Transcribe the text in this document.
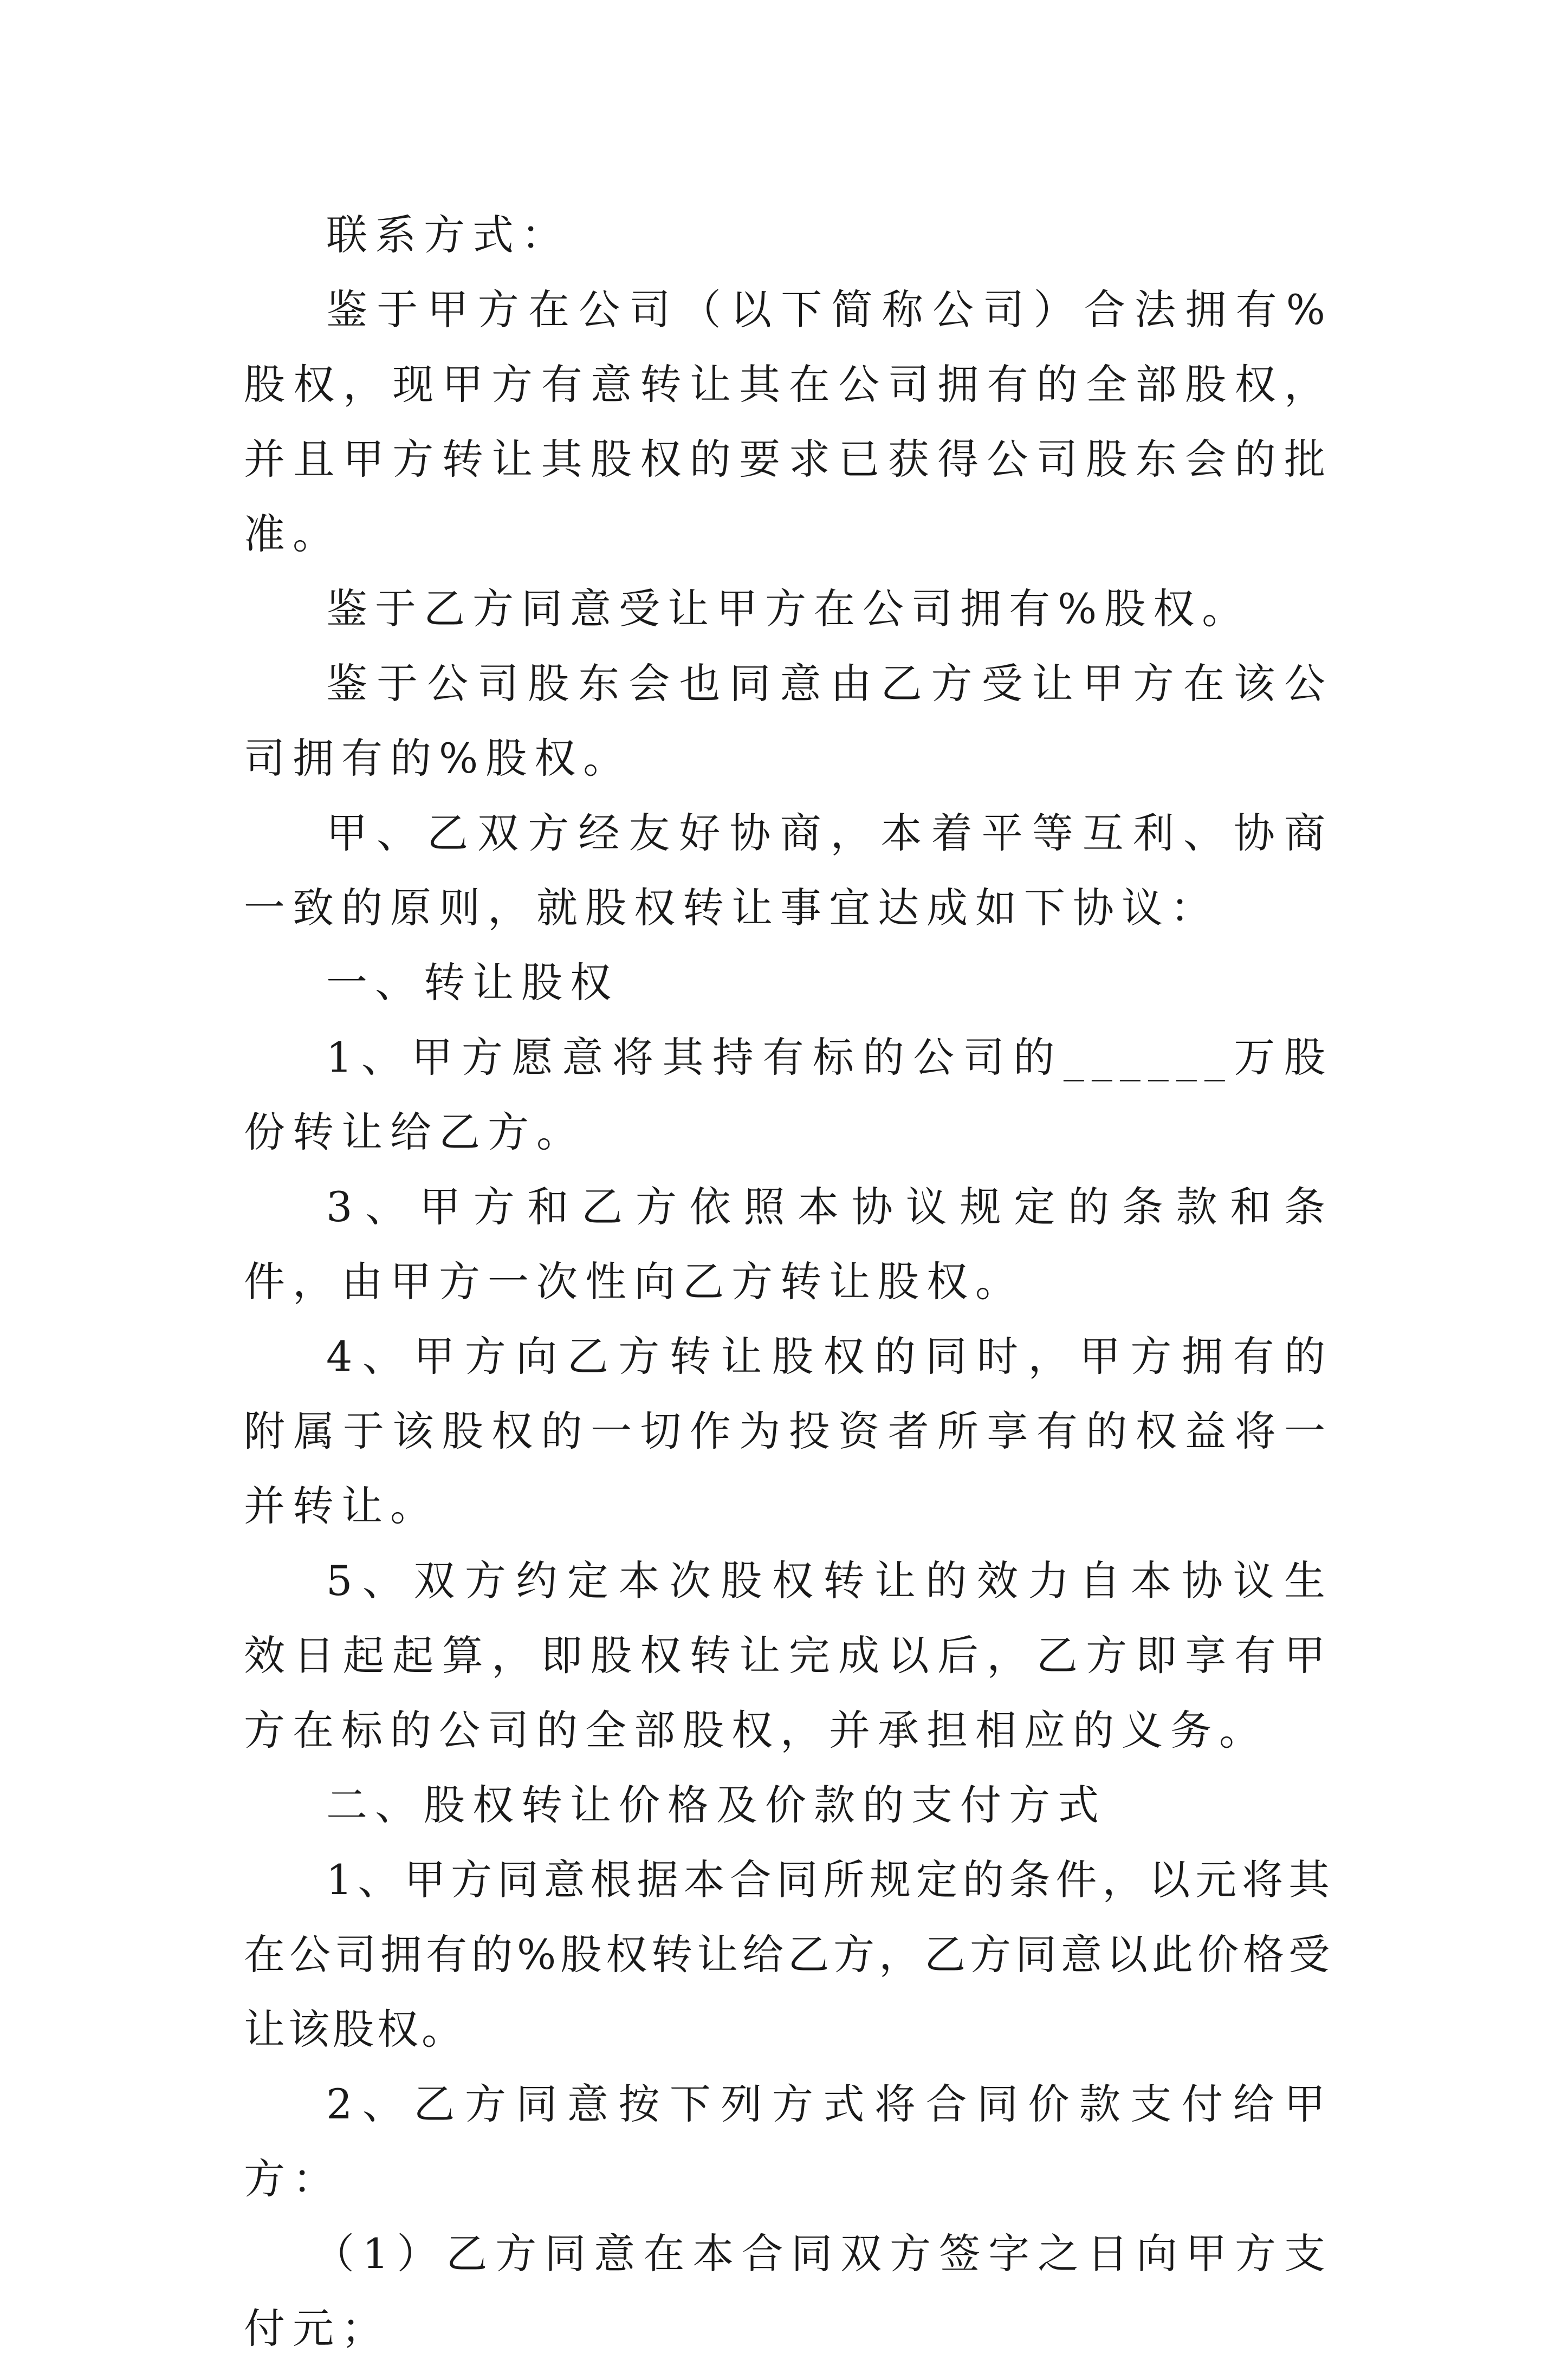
联系方式：

鉴于甲方在公司（以下简称公司）合法拥有%股权，现甲方有意转让其在公司拥有的全部股权，并且甲方转让其股权的要求已获得公司股东会的批准。

鉴于乙方同意受让甲方在公司拥有%股权。

鉴于公司股东会也同意由乙方受让甲方在该公司拥有的%股权。

甲、乙双方经友好协商，本着平等互利、协商一致的原则，就股权转让事宜达成如下协议：

一、转让股权

1、甲方愿意将其持有标的公司的______万股份转让给乙方。

3、甲方和乙方依照本协议规定的条款和条件，由甲方一次性向乙方转让股权。

4、甲方向乙方转让股权的同时，甲方拥有的附属于该股权的一切作为投资者所享有的权益将一并转让。

5、双方约定本次股权转让的效力自本协议生效日起起算，即股权转让完成以后，乙方即享有甲方在标的公司的全部股权，并承担相应的义务。

二、股权转让价格及价款的支付方式

1、甲方同意根据本合同所规定的条件，以元将其在公司拥有的%股权转让给乙方，乙方同意以此价格受让该股权。

2、乙方同意按下列方式将合同价款支付给甲方：

（1）乙方同意在本合同双方签字之日向甲方支付元；
